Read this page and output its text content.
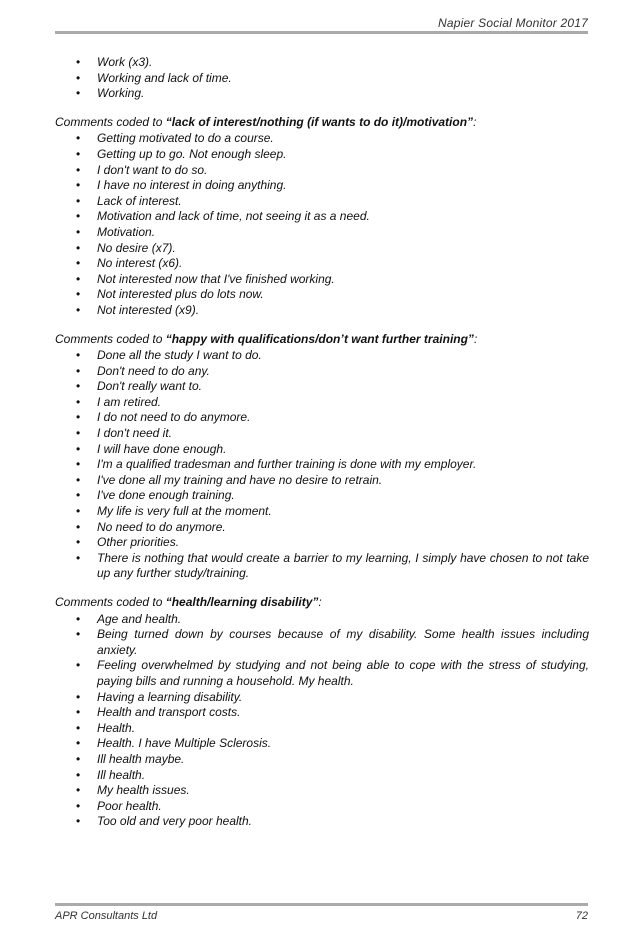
Napier Social Monitor 2017
• Work (x3).
• Working and lack of time.
• Working.
Comments coded to “lack of interest/nothing (if wants to do it)/motivation”:
• Getting motivated to do a course.
• Getting up to go. Not enough sleep.
• I don't want to do so.
• I have no interest in doing anything.
• Lack of interest.
• Motivation and lack of time, not seeing it as a need.
• Motivation.
• No desire (x7).
• No interest (x6).
• Not interested now that I've finished working.
• Not interested plus do lots now.
• Not interested (x9).
Comments coded to “happy with qualifications/don’t want further training”:
• Done all the study I want to do.
• Don't need to do any.
• Don't really want to.
• I am retired.
• I do not need to do anymore.
• I don't need it.
• I will have done enough.
• I'm a qualified tradesman and further training is done with my employer.
• I've done all my training and have no desire to retrain.
• I've done enough training.
• My life is very full at the moment.
• No need to do anymore.
• Other priorities.
• There is nothing that would create a barrier to my learning, I simply have chosen to not take up any further study/training.
Comments coded to “health/learning disability”:
• Age and health.
• Being turned down by courses because of my disability. Some health issues including anxiety.
• Feeling overwhelmed by studying and not being able to cope with the stress of studying, paying bills and running a household. My health.
• Having a learning disability.
• Health and transport costs.
• Health.
• Health. I have Multiple Sclerosis.
• Ill health maybe.
• Ill health.
• My health issues.
• Poor health.
• Too old and very poor health.
APR Consultants Ltd	72
